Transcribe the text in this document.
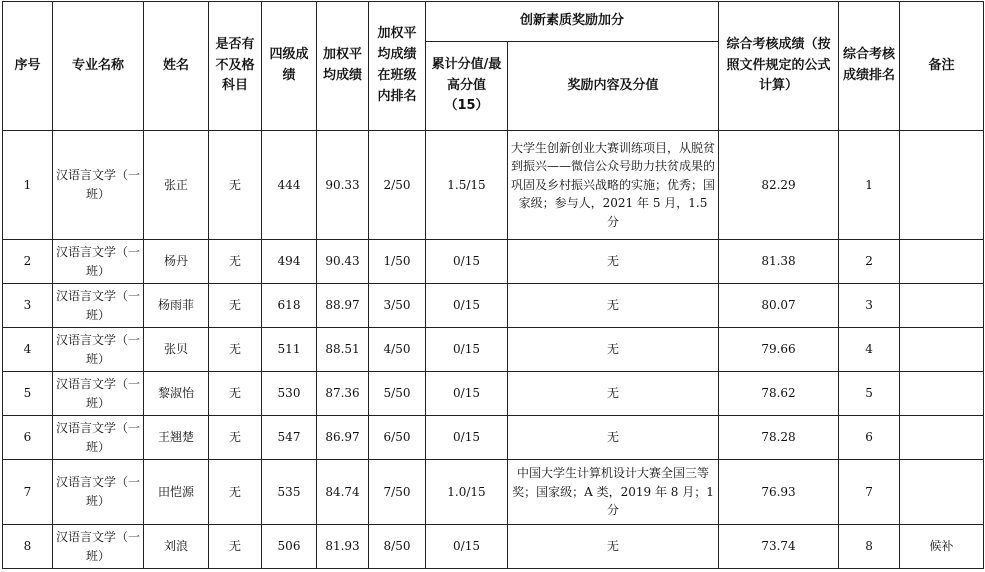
序号	专业名称	姓名	是否有不及格科目	四级成绩	加权平均成绩	加权平均成绩在班级内排名	创新素质奖励加分		综合考核成绩（按照文件规定的公式计算）	综合考核成绩排名	备注
							累计分值/最高分值（15）	奖励内容及分值			
1	汉语言文学（一班）	张正	无	444	90.33	2/50	1.5/15	大学生创新创业大赛训练项目，从脱贫到振兴——微信公众号助力扶贫成果的巩固及乡村振兴战略的实施；优秀；国家级；参与人，2021 年 5 月，1.5 分	82.29	1	
2	汉语言文学（一班）	杨丹	无	494	90.43	1/50	0/15	无	81.38	2	
3	汉语言文学（一班）	杨雨菲	无	618	88.97	3/50	0/15	无	80.07	3	
4	汉语言文学（一班）	张贝	无	511	88.51	4/50	0/15	无	79.66	4	
5	汉语言文学（一班）	黎淑怡	无	530	87.36	5/50	0/15	无	78.62	5	
6	汉语言文学（一班）	王翘楚	无	547	86.97	6/50	0/15	无	78.28	6	
7	汉语言文学（一班）	田恺源	无	535	84.74	7/50	1.0/15	中国大学生计算机设计大赛全国三等奖；国家级；A 类，2019 年 8 月；1 分	76.93	7	
8	汉语言文学（一班）	刘浪	无	506	81.93	8/50	0/15	无	73.74	8	候补
